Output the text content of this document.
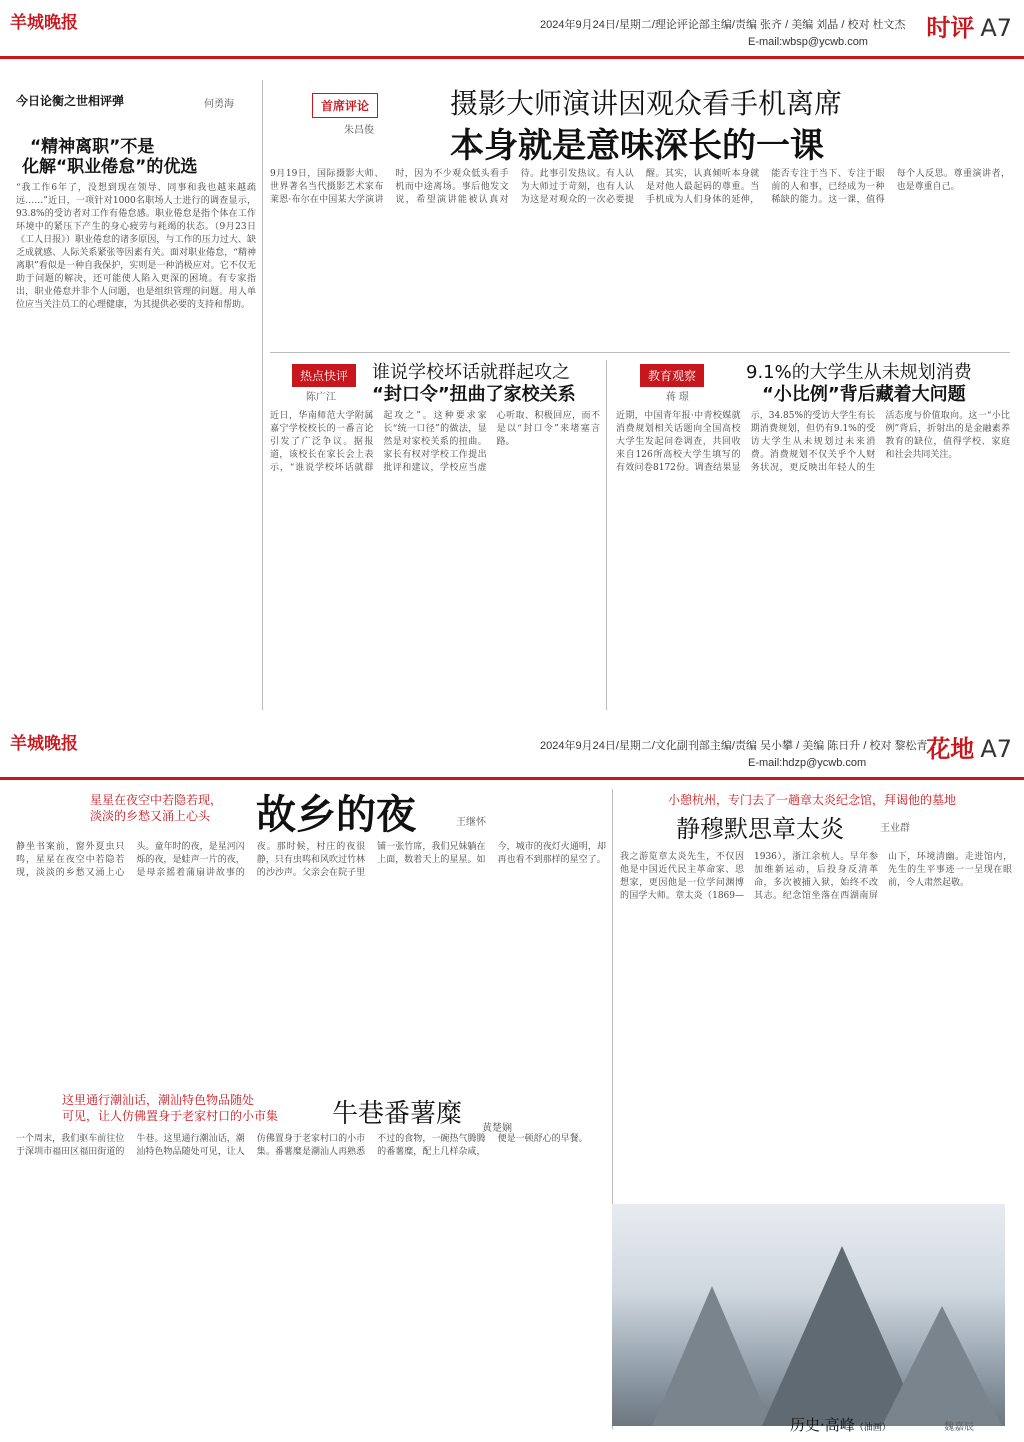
羊城晚报	2024年9月24日/星期二/理论评论部主编/责编 张齐 / 美编 刘晶 / 校对 杜文杰
E-mail:wbsp@ycwb.com 时评 A7
今日论衡之世相评弹	何勇海
“精神离职”不是
化解“职业倦怠”的优选
“我工作6年了，没想到现在领导、同事和我也越来越疏远……”近日，一项针对1000名职场人士进行的调查显示，93.8%的受访者对工作有倦怠感。职业倦怠是指个体在工作环境中的紧压下产生的身心疲劳与耗竭的状态。（9月23日《工人日报》）职业倦怠的诸多原因，与工作的压力过大、缺乏成就感、人际关系紧张等因素有关。面对职业倦怠，“精神离职”看似是一种自我保护，实则是一种消极应对。它不仅无助于问题的解决，还可能使人陷入更深的困境。有专家指出，职业倦怠并非个人问题，也是组织管理的问题。用人单位应当关注员工的心理健康，为其提供必要的支持和帮助。
首席评论
朱昌俊
摄影大师演讲因观众看手机离席
本身就是意味深长的一课
9月19日，国际摄影大师、世界著名当代摄影艺术家布莱恩·布尔在中国某大学演讲时，因为不少观众低头看手机而中途离场。事后他发文说，希望演讲能被认真对待。此事引发热议。有人认为大师过于苛刻，也有人认为这是对观众的一次必要提醒。其实，认真倾听本身就是对他人最起码的尊重。当手机成为人们身体的延伸，能否专注于当下、专注于眼前的人和事，已经成为一种稀缺的能力。这一课，值得每个人反思。尊重演讲者，也是尊重自己。
热点快评
陈广江
谁说学校坏话就群起攻之
“封口令”扭曲了家校关系
近日，华南师范大学附属嘉宁学校校长的一番言论引发了广泛争议。据报道，该校长在家长会上表示，“谁说学校坏话就群起攻之”。这种要求家长“统一口径”的做法，显然是对家校关系的扭曲。家长有权对学校工作提出批评和建议，学校应当虚心听取、积极回应，而不是以“封口令”来堵塞言路。
教育观察
蒋 璟
9.1%的大学生从未规划消费
“小比例”背后藏着大问题
近期，中国青年报·中青校媒就消费规划相关话题向全国高校大学生发起问卷调查，共回收来自126所高校大学生填写的有效问卷8172份。调查结果显示，34.85%的受访大学生有长期消费规划，但仍有9.1%的受访大学生从未规划过未来消费。消费规划不仅关乎个人财务状况，更反映出年轻人的生活态度与价值取向。这一“小比例”背后，折射出的是金融素养教育的缺位，值得学校、家庭和社会共同关注。
羊城晚报	2024年9月24日/星期二/文化副刊部主编/责编 吴小攀 / 美编 陈日升 / 校对 黎松青
E-mail:hdzp@ycwb.com	花地 A7
星星在夜空中若隐若现，
淡淡的乡愁又涌上心头 故乡的夜	王继怀
静坐书案前，窗外夏虫只鸣，星星在夜空中若隐若现，淡淡的乡愁又涌上心头。童年时的夜，是星河闪烁的夜，是蛙声一片的夜，是母亲摇着蒲扇讲故事的夜。那时候，村庄的夜很静，只有虫鸣和风吹过竹林的沙沙声。父亲会在院子里铺一张竹席，我们兄妹躺在上面，数着天上的星星。如今，城市的夜灯火通明，却再也看不到那样的星空了。
这里通行潮汕话，潮汕特色物品随处
可见，让人仿佛置身于老家村口的小市集 牛巷番薯糜 黄楚娴
一个周末，我们驱车前往位于深圳市福田区福田街道的牛巷。这里通行潮汕话，潮汕特色物品随处可见，让人仿佛置身于老家村口的小市集。番薯糜是潮汕人再熟悉不过的食物，一碗热气腾腾的番薯糜，配上几样杂咸，便是一顿舒心的早餐。
小憩杭州，专门去了一趟章太炎纪念馆，拜谒他的墓地
静穆默思章太炎	王业群
我之游览章太炎先生，不仅因他是中国近代民主革命家、思想家，更因他是一位学问渊博的国学大师。章太炎（1869—1936），浙江余杭人。早年参加维新运动，后投身反清革命，多次被捕入狱，始终不改其志。纪念馆坐落在西湖南屏山下，环境清幽。走进馆内，先生的生平事迹一一呈现在眼前，令人肃然起敬。
历史·高峰（油画）	魏嘉辰
